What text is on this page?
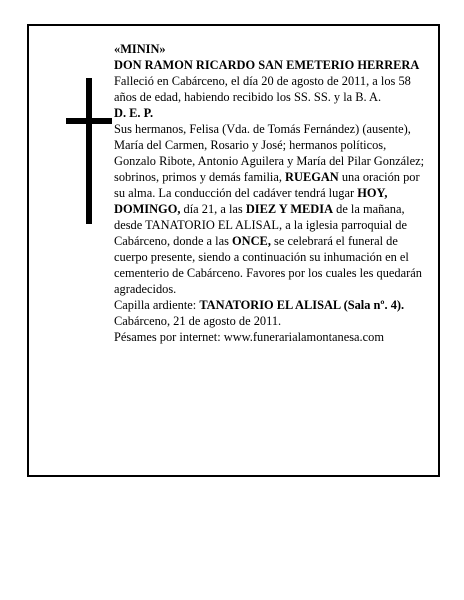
«MININ»

DON RAMON RICARDO SAN EMETERIO HERRERA

Falleció en Cabárceno, el día 20 de agosto de 2011, a los 58 años de edad, habiendo recibido los SS. SS. y la B. A.

D. E. P.

Sus hermanos, Felisa (Vda. de Tomás Fernández) (ausente), María del Carmen, Rosario y José; hermanos políticos, Gonzalo Ribote, Antonio Aguilera y María del Pilar González; sobrinos, primos y demás familia, RUEGAN una oración por su alma. La conducción del cadáver tendrá lugar HOY, DOMINGO, día 21, a las DIEZ Y MEDIA de la mañana, desde TANATORIO EL ALISAL, a la iglesia parroquial de Cabárceno, donde a las ONCE, se celebrará el funeral de cuerpo presente, siendo a continuación su inhumación en el cementerio de Cabárceno. Favores por los cuales les quedarán agradecidos.

Capilla ardiente: TANATORIO EL ALISAL (Sala nº. 4).

Cabárceno, 21 de agosto de 2011.

Pésames por internet: www.funerarialamontanesa.com
